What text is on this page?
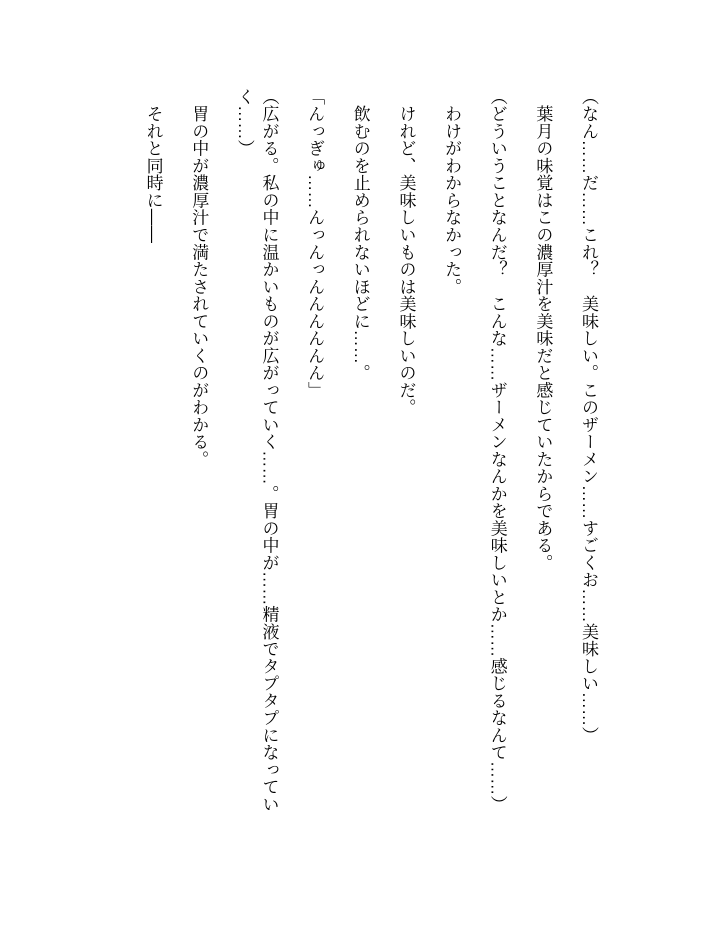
（なん……だ……これ？　美味しい。このザーメン……すごくお……美味しい……）

　葉月の味覚はこの濃厚汁を美味だと感じていたからである。

（どういうことなんだ？　こんな……ザーメンなんかを美味しいとか……感じるなんて……）

　わけがわからなかった。

　けれど、美味しいものは美味しいのだ。

　飲むのを止められないほどに……。

「んっぎゅ……んっんっんんんんんん」

（広がる。私の中に温かいものが広がっていく……。胃の中が……精液でタプタプになっていく……）

　胃の中が濃厚汁で満たされていくのがわかる。

　それと同時に――
